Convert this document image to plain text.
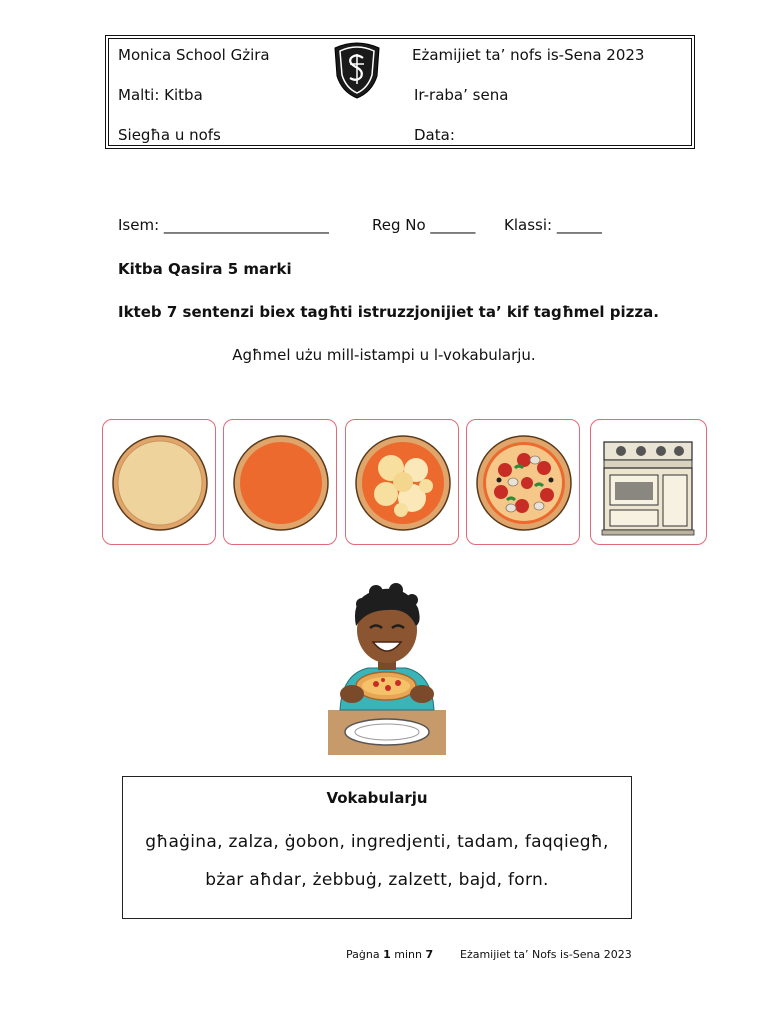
Monica School Gżira
Malti: Kitba
Siegħa u nofs
Eżamijiet ta’ nofs is-Sena 2023
Ir-raba’ sena
Data:
Isem: ______________________	Reg No ______ Klassi: ______
Kitba Qasira 5 marki
Ikteb 7 sentenzi biex tagħti istruzzjonijiet ta’ kif tagħmel pizza.
Agħmel użu mill-istampi u l-vokabularju.
Vokabularju
għaġina, zalza, ġobon, ingredjenti, tadam, faqqiegħ,
bżar aħdar, żebbuġ, zalzett, bajd, forn.
Paġna 1 minn 7 Eżamijiet ta’ Nofs is-Sena 2023
